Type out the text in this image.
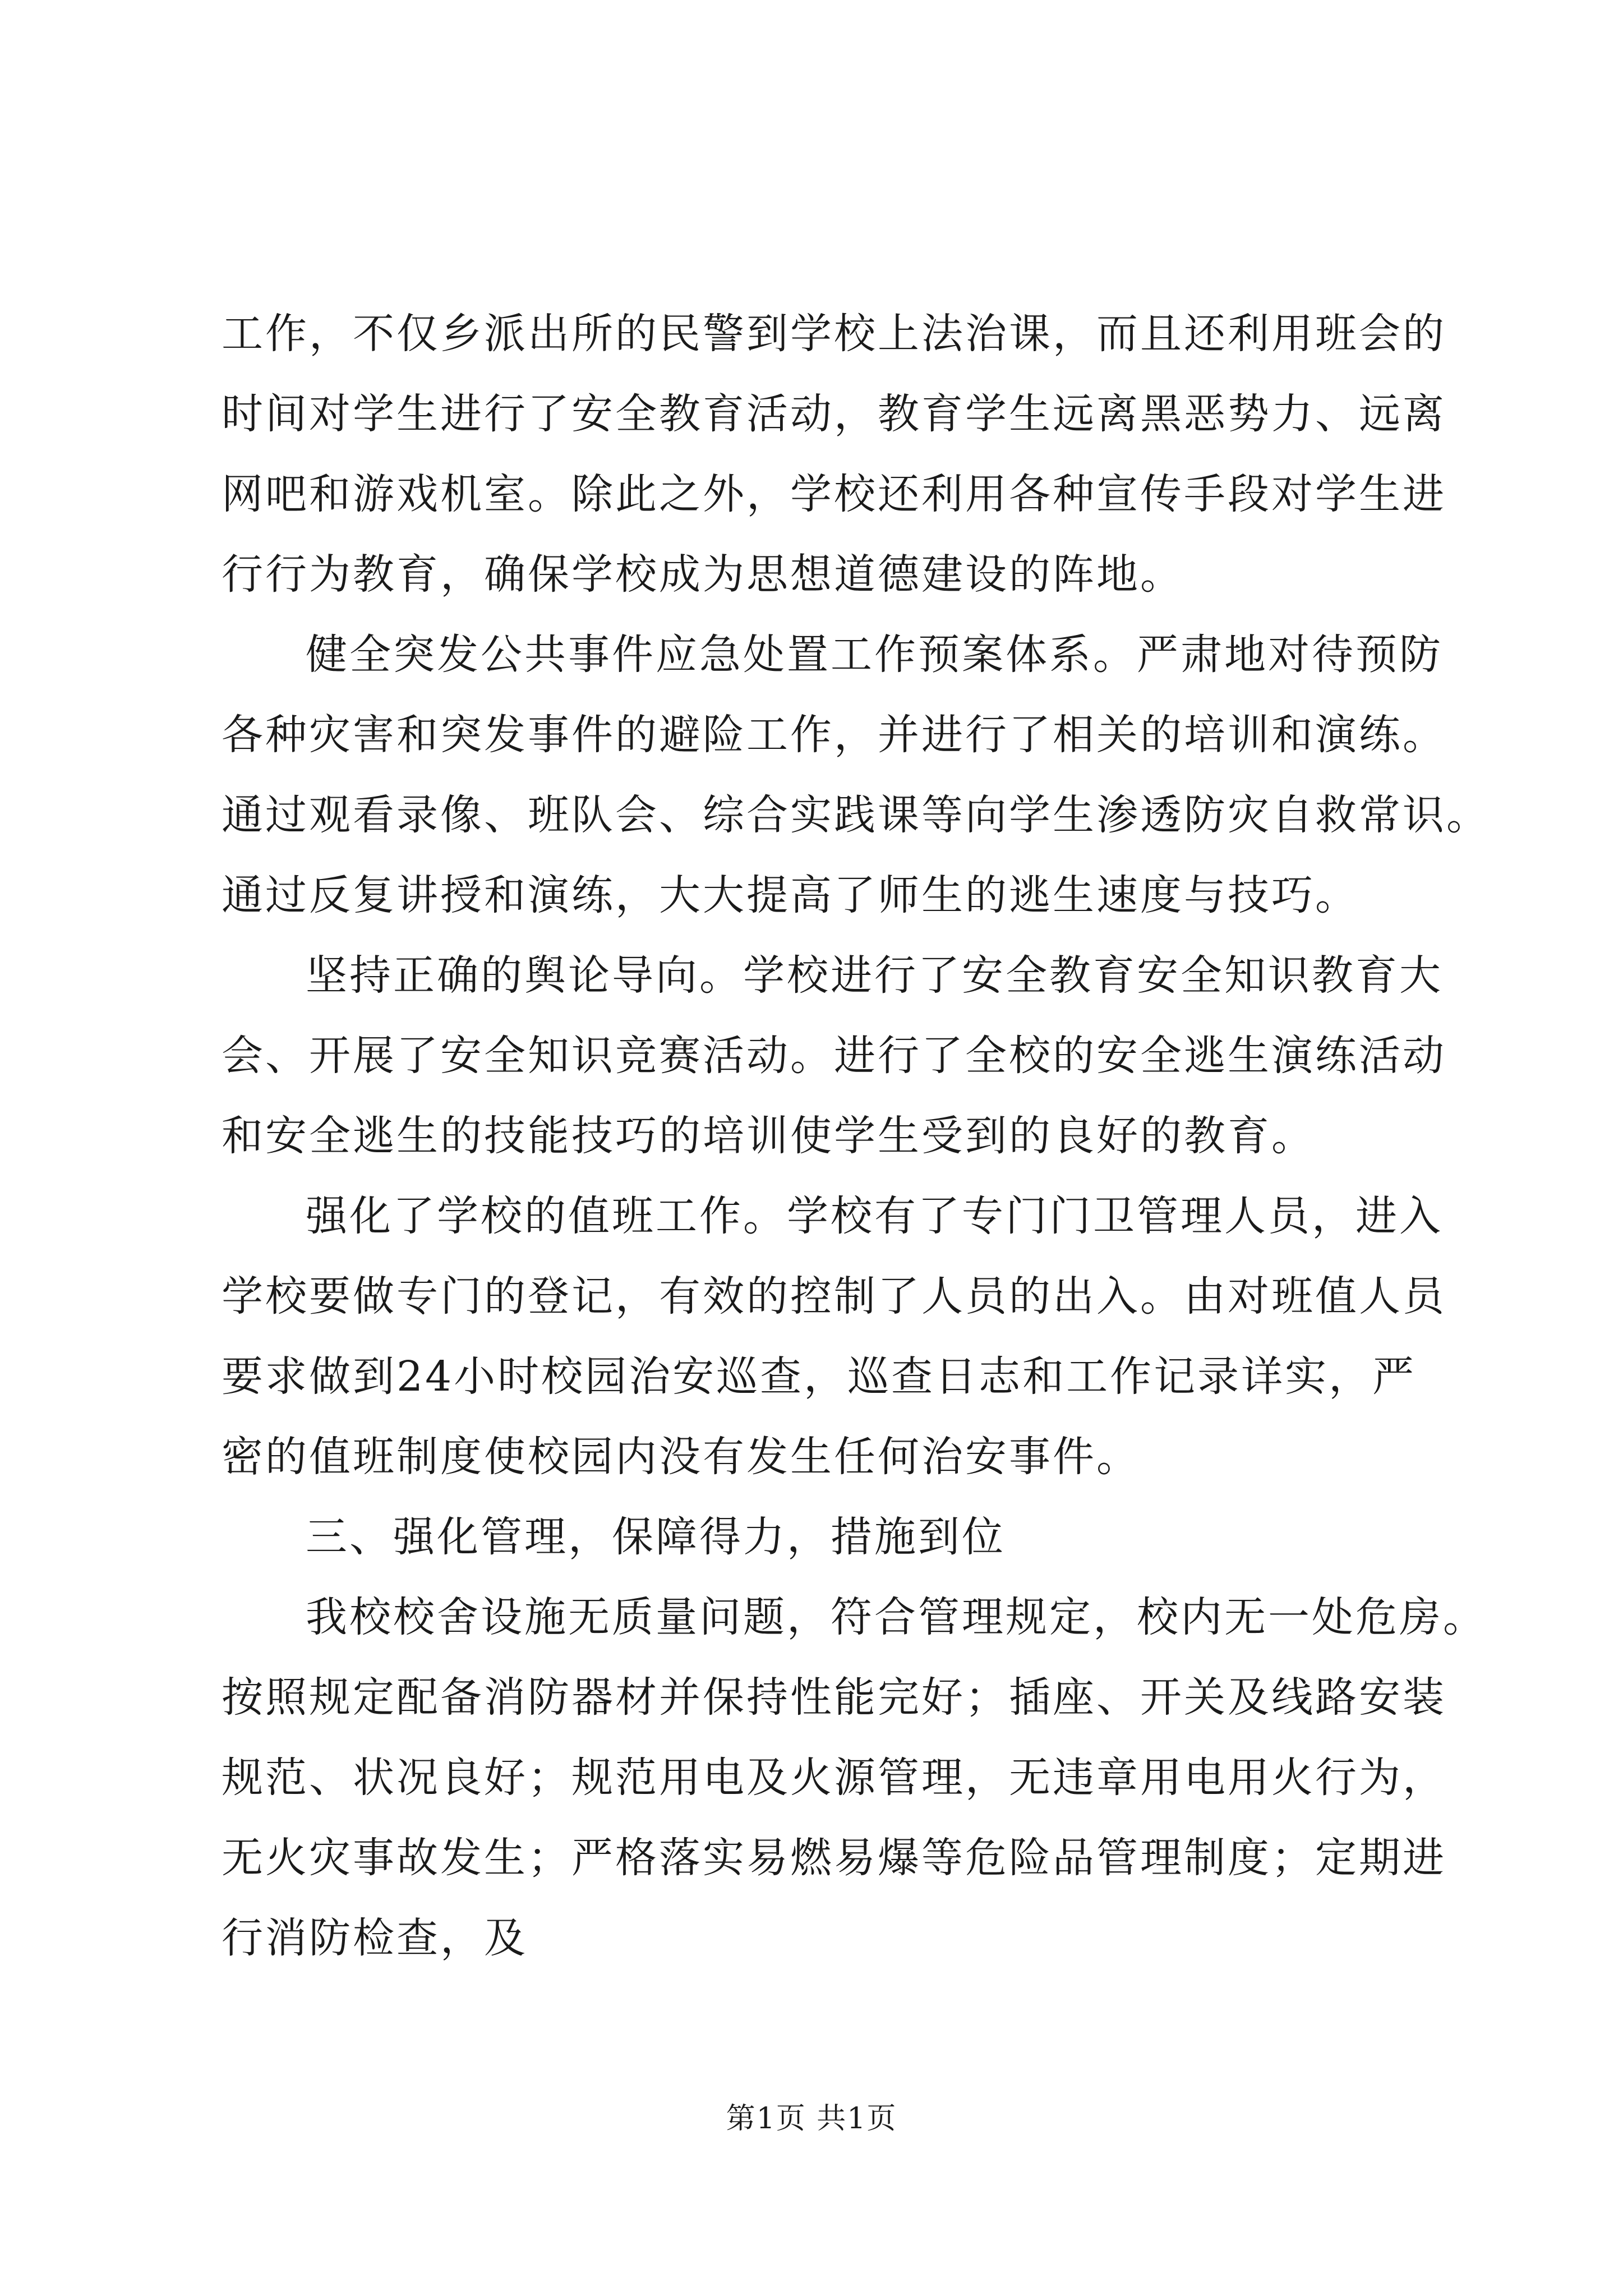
工作，不仅乡派出所的民警到学校上法治课，而且还利用班会的
时间对学生进行了安全教育活动，教育学生远离黑恶势力、远离
网吧和游戏机室。除此之外，学校还利用各种宣传手段对学生进
行行为教育，确保学校成为思想道德建设的阵地。
健全突发公共事件应急处置工作预案体系。严肃地对待预防
各种灾害和突发事件的避险工作，并进行了相关的培训和演练。
通过观看录像、班队会、综合实践课等向学生渗透防灾自救常识。
通过反复讲授和演练，大大提高了师生的逃生速度与技巧。
坚持正确的舆论导向。学校进行了安全教育安全知识教育大
会、开展了安全知识竞赛活动。进行了全校的安全逃生演练活动
和安全逃生的技能技巧的培训使学生受到的良好的教育。
强化了学校的值班工作。学校有了专门门卫管理人员，进入
学校要做专门的登记，有效的控制了人员的出入。由对班值人员
要求做到24小时校园治安巡查，巡查日志和工作记录详实，严
密的值班制度使校园内没有发生任何治安事件。
三、强化管理，保障得力，措施到位
我校校舍设施无质量问题，符合管理规定，校内无一处危房。
按照规定配备消防器材并保持性能完好；插座、开关及线路安装
规范、状况良好；规范用电及火源管理，无违章用电用火行为，
无火灾事故发生；严格落实易燃易爆等危险品管理制度；定期进
行消防检查，及
第1页 共1页
